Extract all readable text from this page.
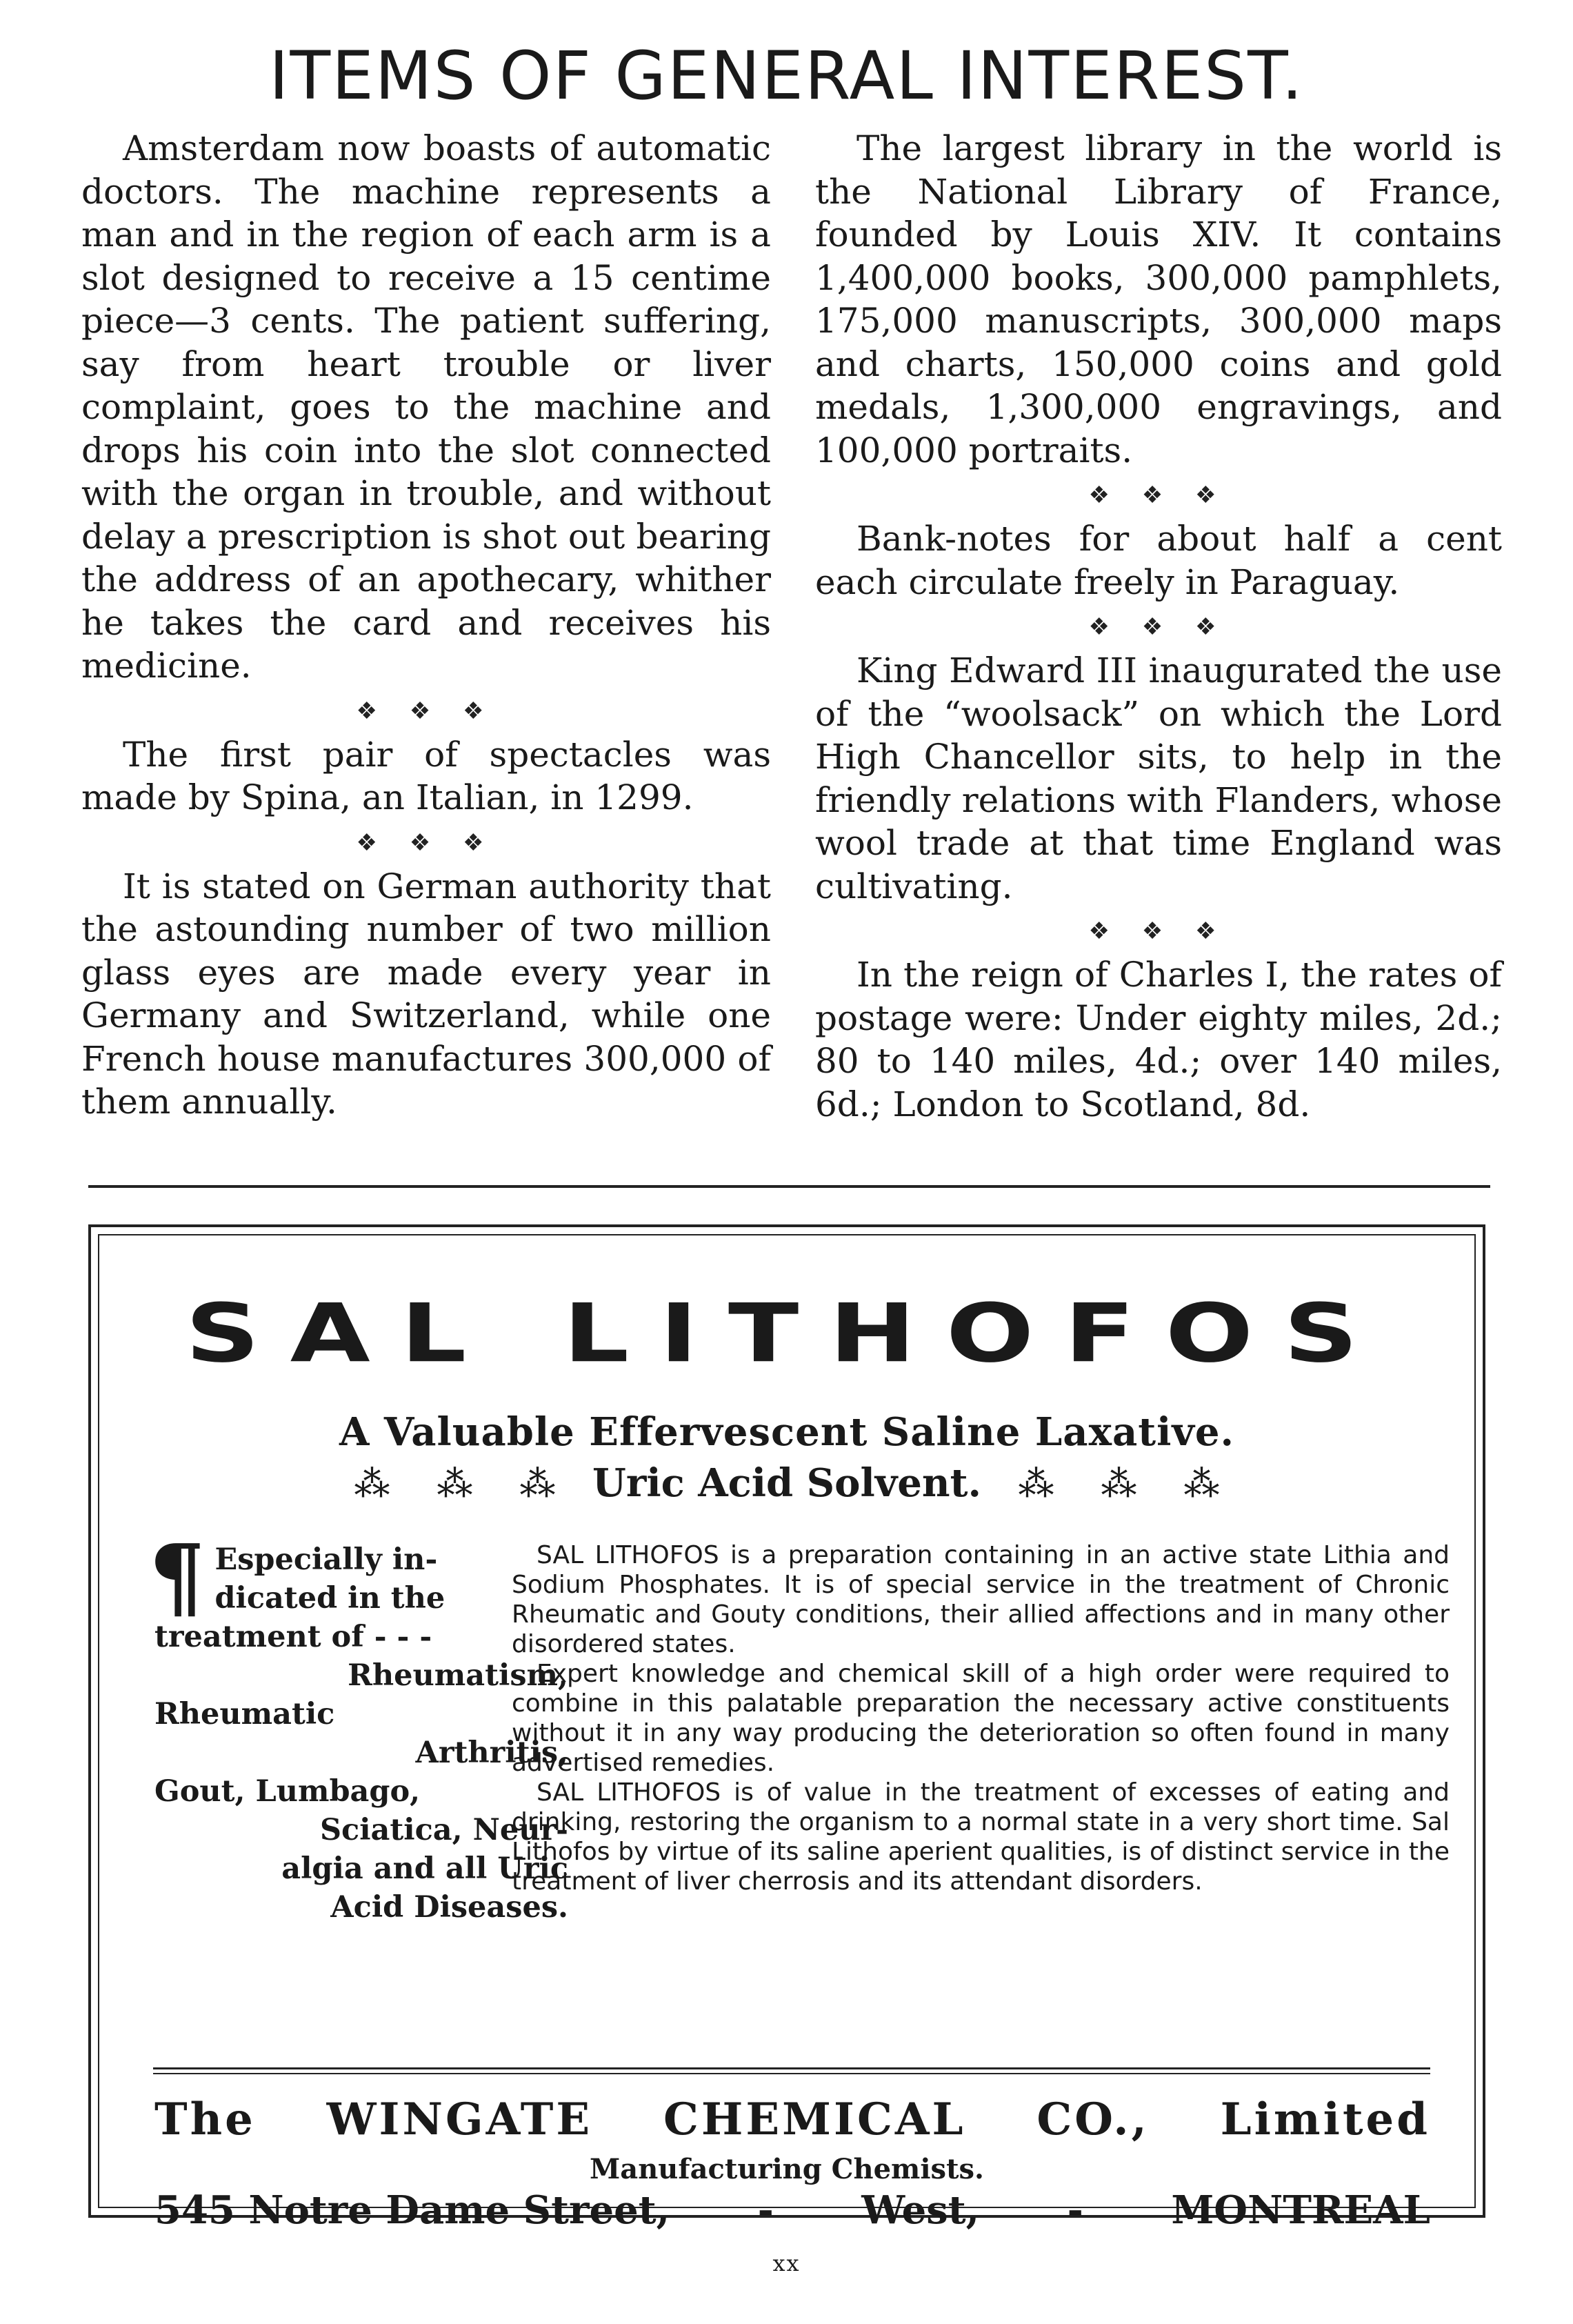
ITEMS OF GENERAL INTEREST.

Amsterdam now boasts of automatic doctors. The machine represents a man and in the region of each arm is a slot designed to receive a 15 centime piece—3 cents. The patient suffering, say from heart trouble or liver complaint, goes to the machine and drops his coin into the slot connected with the organ in trouble, and without delay a prescription is shot out bearing the address of an apothecary, whither he takes the card and receives his medicine.

❖ ❖ ❖

The first pair of spectacles was made by Spina, an Italian, in 1299.

❖ ❖ ❖

It is stated on German authority that the astounding number of two million glass eyes are made every year in Germany and Switzerland, while one French house manufactures 300,000 of them annually.

The largest library in the world is the National Library of France, founded by Louis XIV. It contains 1,400,000 books, 300,000 pamphlets, 175,000 manuscripts, 300,000 maps and charts, 150,000 coins and gold medals, 1,300,000 engravings, and 100,000 portraits.

❖ ❖ ❖

Bank-notes for about half a cent each circulate freely in Paraguay.

❖ ❖ ❖

King Edward III inaugurated the use of the “woolsack” on which the Lord High Chancellor sits, to help in the friendly relations with Flanders, whose wool trade at that time England was cultivating.

❖ ❖ ❖

In the reign of Charles I, the rates of postage were: Under eighty miles, 2d.; 80 to 140 miles, 4d.; over 140 miles, 6d.; London to Scotland, 8d.

SAL LITHOFOS
A Valuable Effervescent Saline Laxative.
⁂ ⁂ ⁂ Uric Acid Solvent. ⁂ ⁂ ⁂
¶ Especially in-
dicated in the
treatment of - - -
Rheumatism,
Rheumatic
Arthritis,
Gout, Lumbago,
Sciatica, Neur-
algia and all Uric
Acid Diseases.

SAL LITHOFOS is a preparation containing in an active state Lithia and Sodium Phosphates. It is of special service in the treatment of Chronic Rheumatic and Gouty conditions, their allied affections and in many other disordered states.

Expert knowledge and chemical skill of a high order were required to combine in this palatable preparation the necessary active constituents without it in any way producing the deterioration so often found in many advertised remedies.

SAL LITHOFOS is of value in the treatment of excesses of eating and drinking, restoring the organism to a normal state in a very short time. Sal Lithofos by virtue of its saline aperient qualities, is of distinct service in the treatment of liver cherrosis and its attendant disorders.

The WINGATE CHEMICAL CO., Limited
Manufacturing Chemists.
545 Notre Dame Street, - West, - MONTREAL
xx
